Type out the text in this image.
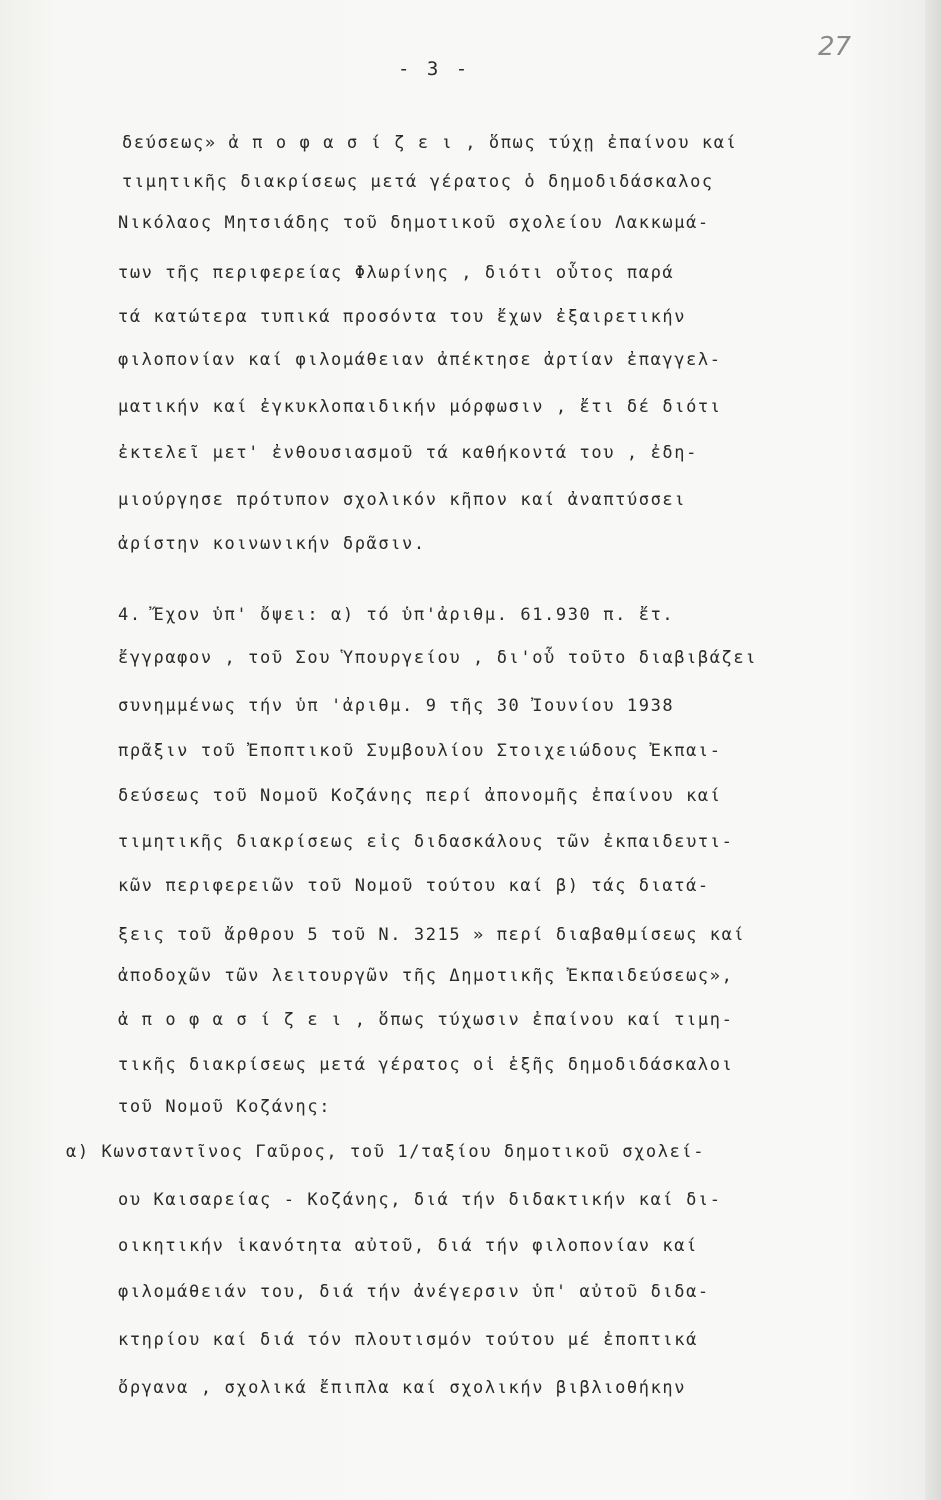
- 3 -
27
δεύσεως» ἀ π ο φ α σ ί ζ ε ι , ὅπως τύχῃ ἐπαίνου καί
τιμητικῆς διακρίσεως μετά γέρατος ὁ δημοδιδάσκαλος
Νικόλαος Μητσιάδης τοῦ δημοτικοῦ σχολείου Λακκωμά-
των τῆς περιφερείας Φλωρίνης , διότι οὗτος παρά
τά κατώτερα τυπικά προσόντα του ἔχων ἐξαιρετικήν
φιλοπονίαν καί φιλομάθειαν ἀπέκτησε ἀρτίαν ἐπαγγελ-
ματικήν καί ἐγκυκλοπαιδικήν μόρφωσιν , ἔτι δέ διότι
ἐκτελεῖ μετ' ἐνθουσιασμοῦ τά καθήκοντά του , ἐδη-
μιούργησε πρότυπον σχολικόν κῆπον καί ἀναπτύσσει
ἀρίστην κοινωνικήν δρᾶσιν.
4. Ἔχον ὑπ' ὄψει: α) τό ὑπ'ἀριθμ. 61.930 π. ἔτ.
ἔγγραφον , τοῦ Σου Ὑπουργείου , δι'οὗ τοῦτο διαβιβάζει
συνημμένως τήν ὑπ 'ἀριθμ. 9 τῆς 30 Ἰουνίου 1938
πρᾶξιν τοῦ Ἐποπτικοῦ Συμβουλίου Στοιχειώδους Ἐκπαι-
δεύσεως τοῦ Νομοῦ Κοζάνης περί ἀπονομῆς ἐπαίνου καί
τιμητικῆς διακρίσεως εἰς διδασκάλους τῶν ἐκπαιδευτι-
κῶν περιφερειῶν τοῦ Νομοῦ τούτου καί β) τάς διατά-
ξεις τοῦ ἄρθρου 5 τοῦ Ν. 3215 » περί διαβαθμίσεως καί
ἀποδοχῶν τῶν λειτουργῶν τῆς Δημοτικῆς Ἐκπαιδεύσεως»,
ἀ π ο φ α σ ί ζ ε ι , ὅπως τύχωσιν ἐπαίνου καί τιμη-
τικῆς διακρίσεως μετά γέρατος οἱ ἑξῆς δημοδιδάσκαλοι
τοῦ Νομοῦ Κοζάνης:
α) Κωνσταντῖνος Γαῦρος, τοῦ 1/ταξίου δημοτικοῦ σχολεί-
ου Καισαρείας - Κοζάνης, διά τήν διδακτικήν καί δι-
οικητικήν ἱκανότητα αὐτοῦ, διά τήν φιλοπονίαν καί
φιλομάθειάν του, διά τήν ἀνέγερσιν ὑπ' αὐτοῦ διδα-
κτηρίου καί διά τόν πλουτισμόν τούτου μέ ἐποπτικά
ὄργανα , σχολικά ἔπιπλα καί σχολικήν βιβλιοθήκην
